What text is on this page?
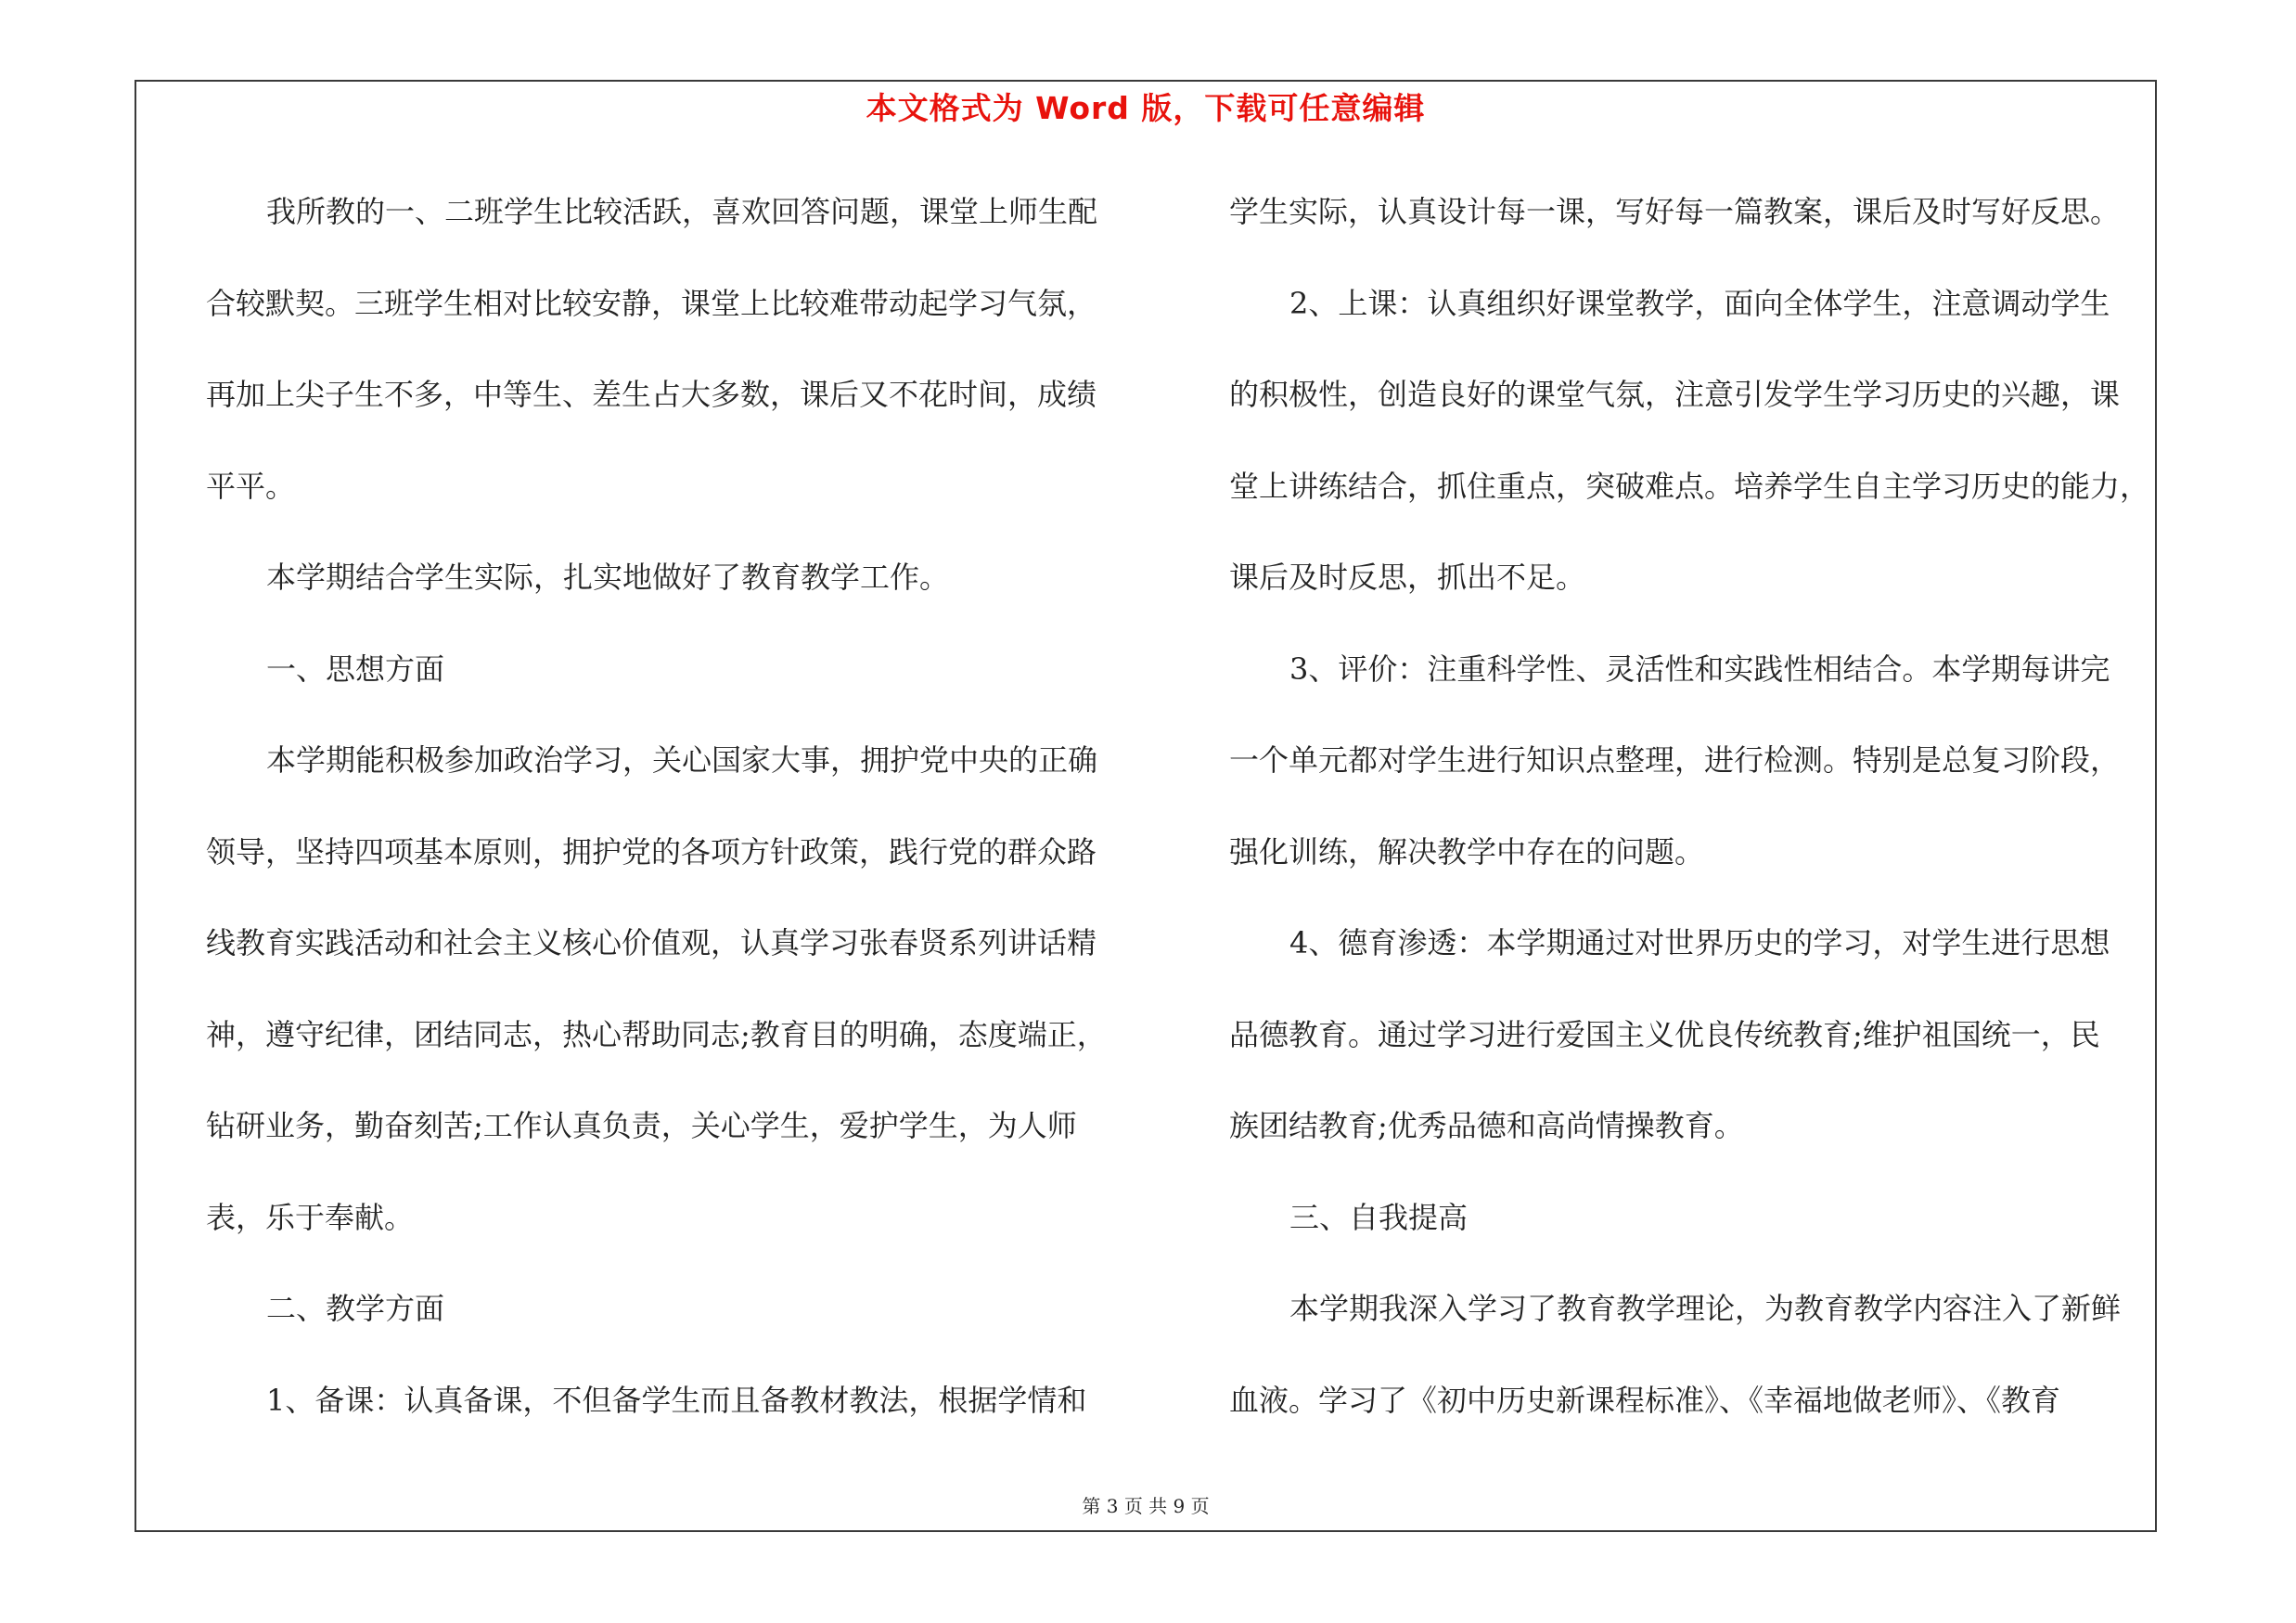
本文格式为 Word 版，下载可任意编辑
我所教的一、二班学生比较活跃，喜欢回答问题，课堂上师生配
合较默契。三班学生相对比较安静，课堂上比较难带动起学习气氛，
再加上尖子生不多，中等生、差生占大多数，课后又不花时间，成绩
平平。
本学期结合学生实际，扎实地做好了教育教学工作。
一、思想方面
本学期能积极参加政治学习，关心国家大事，拥护党中央的正确
领导，坚持四项基本原则，拥护党的各项方针政策，践行党的群众路
线教育实践活动和社会主义核心价值观，认真学习张春贤系列讲话精
神，遵守纪律，团结同志，热心帮助同志;教育目的明确，态度端正，
钻研业务，勤奋刻苦;工作认真负责，关心学生，爱护学生，为人师
表，乐于奉献。
二、教学方面
1、备课：认真备课，不但备学生而且备教材教法，根据学情和
学生实际，认真设计每一课，写好每一篇教案，课后及时写好反思。
2、上课：认真组织好课堂教学，面向全体学生，注意调动学生
的积极性，创造良好的课堂气氛，注意引发学生学习历史的兴趣，课
堂上讲练结合，抓住重点，突破难点。培养学生自主学习历史的能力，
课后及时反思，抓出不足。
3、评价：注重科学性、灵活性和实践性相结合。本学期每讲完
一个单元都对学生进行知识点整理，进行检测。特别是总复习阶段，
强化训练，解决教学中存在的问题。
4、德育渗透：本学期通过对世界历史的学习，对学生进行思想
品德教育。通过学习进行爱国主义优良传统教育;维护祖国统一，民
族团结教育;优秀品德和高尚情操教育。
三、自我提高
本学期我深入学习了教育教学理论，为教育教学内容注入了新鲜
血液。学习了《初中历史新课程标准》、《幸福地做老师》、《教育
第 3 页 共 9 页
